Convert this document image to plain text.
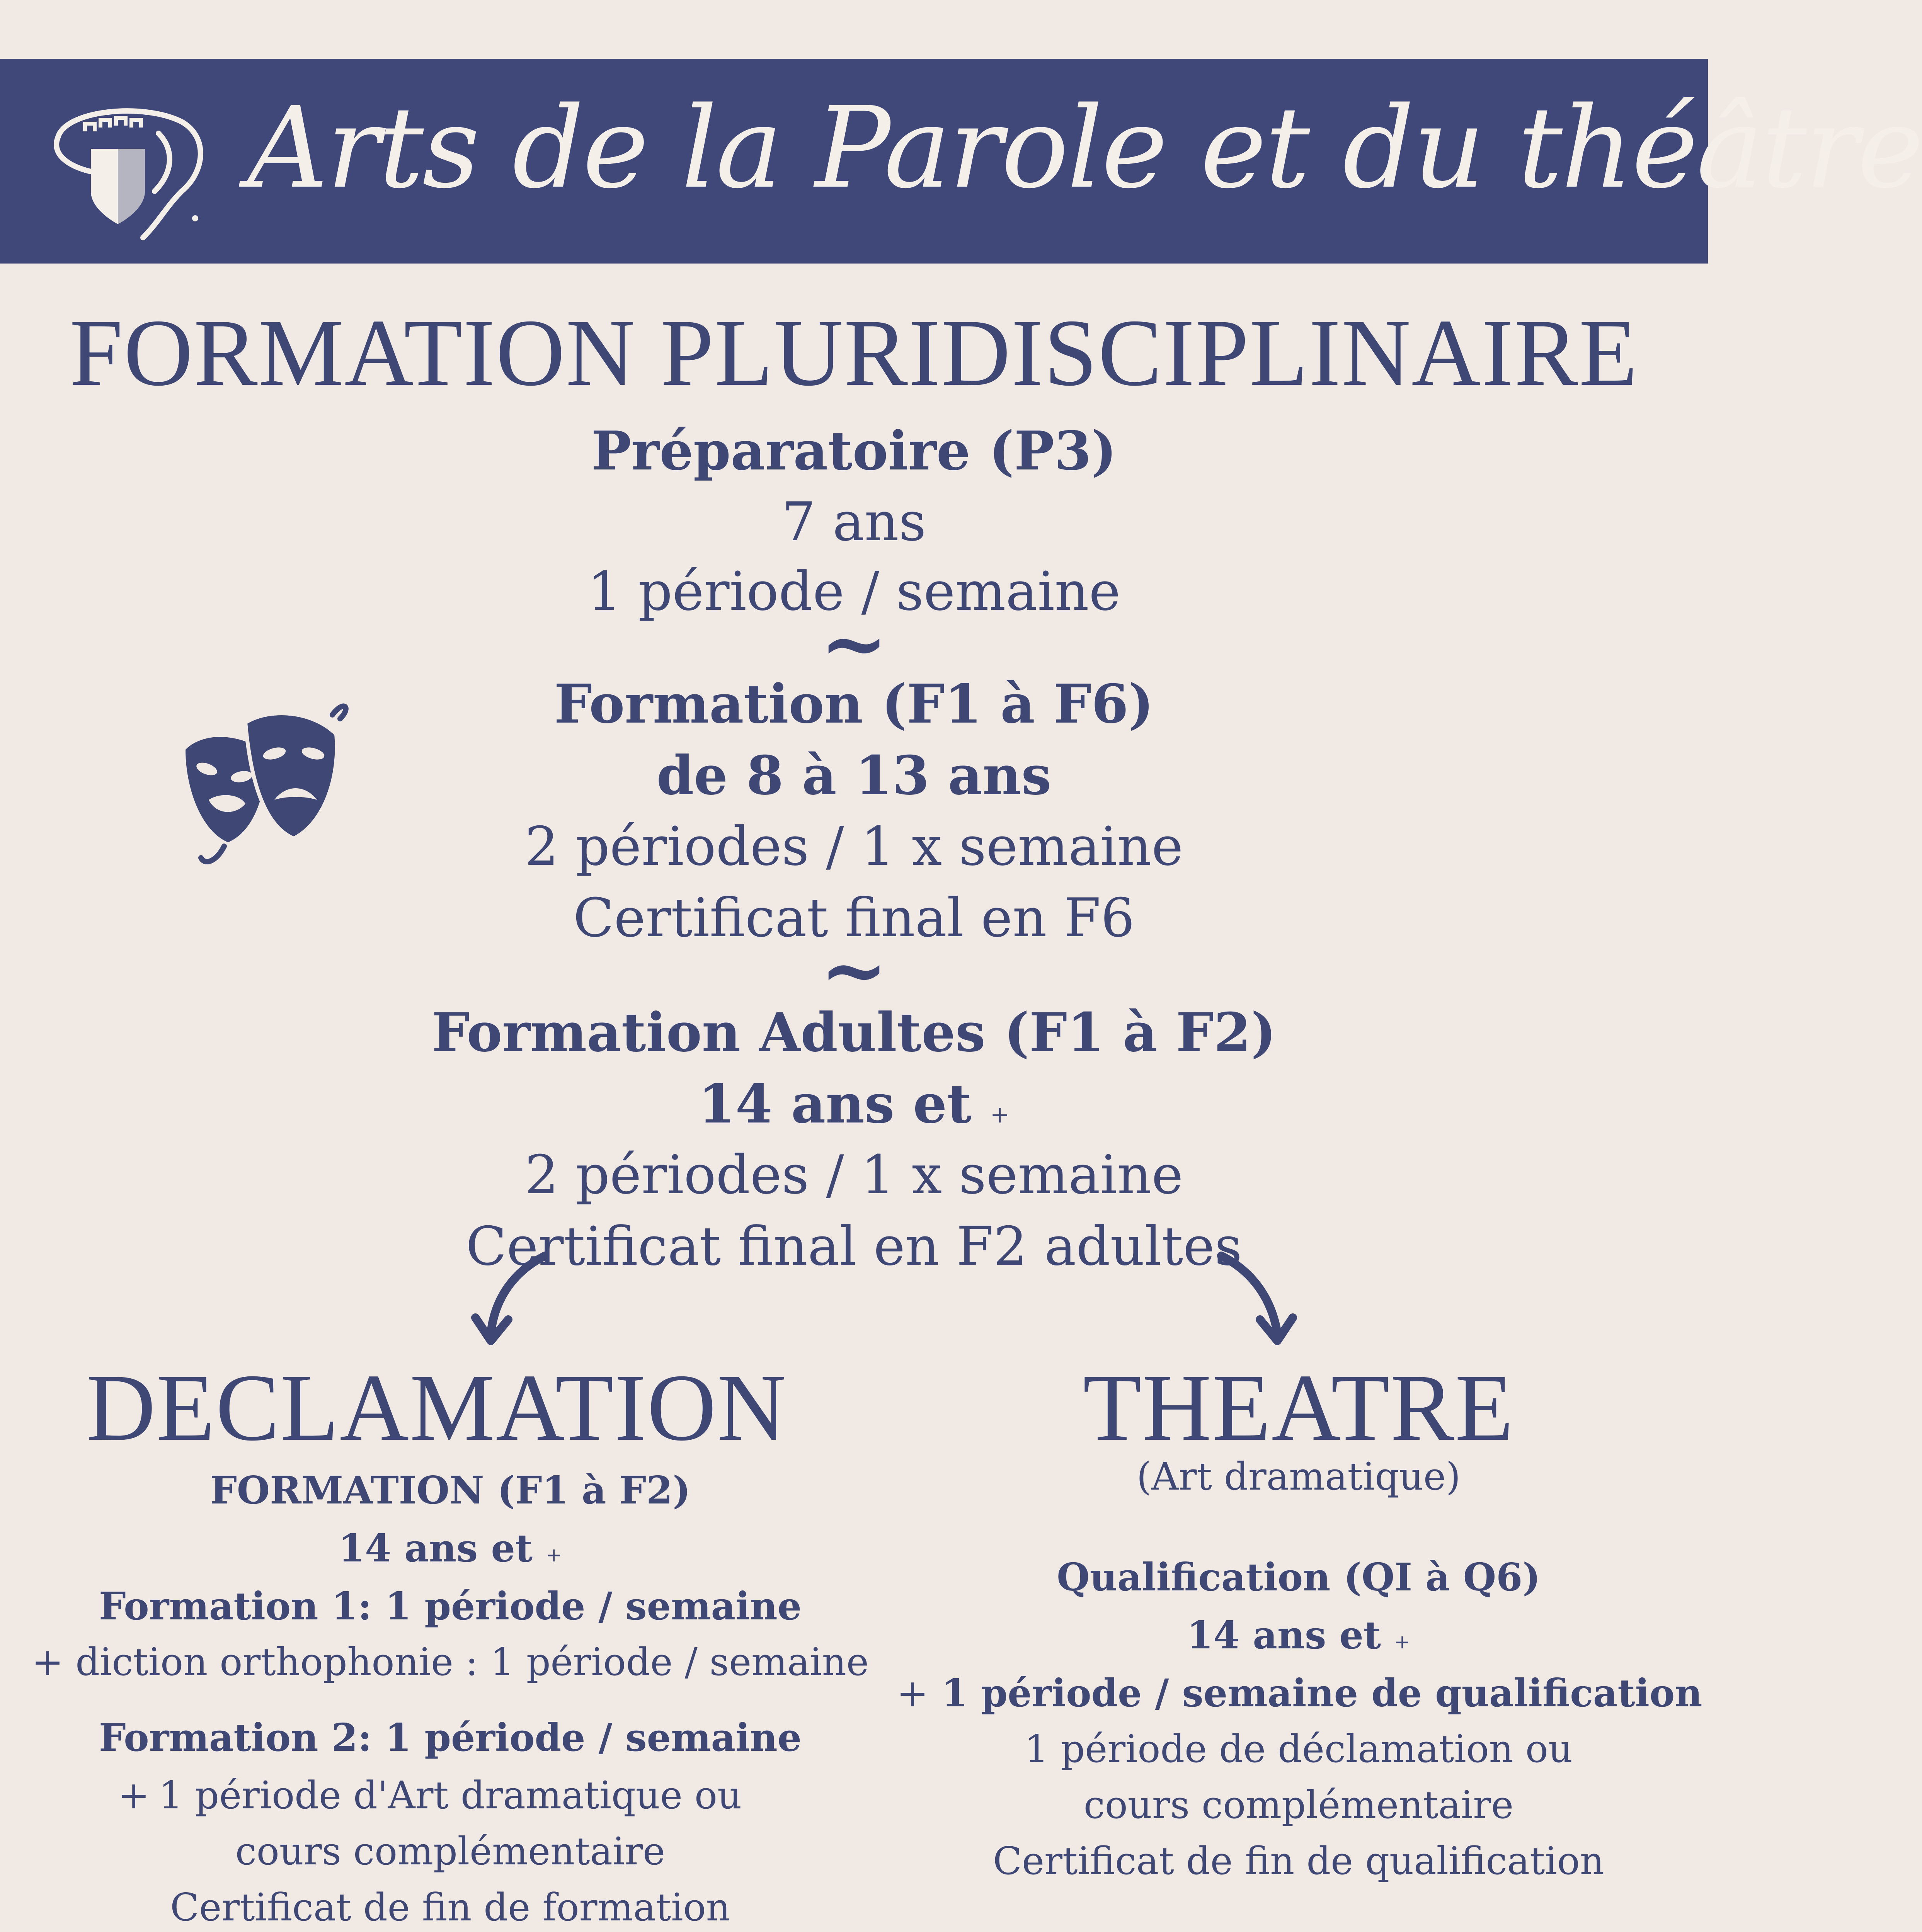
Arts de la Parole et du théâtre
FORMATION PLURIDISCIPLINAIRE
Préparatoire (P3)
7 ans
1 période / semaine
~
Formation (F1 à F6)
de 8 à 13 ans
2 périodes / 1 x semaine
Certificat final en F6
~
Formation Adultes (F1 à F2)
14 ans et +
2 périodes / 1 x semaine
Certificat final en F2 adultes
DECLAMATION
FORMATION (F1 à F2)
14 ans et +
Formation 1: 1 période / semaine
+ diction orthophonie : 1 période / semaine
Formation 2: 1 période / semaine
+ 1 période d'Art dramatique ou
cours complémentaire
Certificat de fin de formation
THEATRE
(Art dramatique)
Qualification (QI à Q6)
14 ans et +
+ 1 période / semaine de qualification
1 période de déclamation ou
cours complémentaire
Certificat de fin de qualification
